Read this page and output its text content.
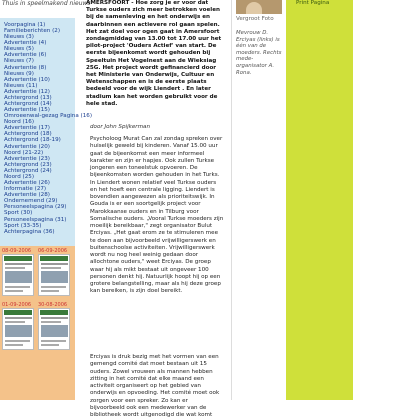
Thuis in speelmakend nieuws
Voorpagina (1)
Familieberichten (2)
Nieuws (3)
Advertentie (4)
Nieuws (5)
Advertentie (6)
Nieuws (7)
Advertentie (8)
Nieuws (9)
Advertentie (10)
Nieuws (11)
Advertentie (12)
Achtergrond (13)
Achtergrond (14)
Advertentie (15)
Omroeenwal-gezag Pagina (16)
Noord (16)
Advertentie (17)
Achtergrond (18)
Achtergrond (18-19)
Advertentie (20)
Noord (21-22)
Advertentie (23)
Achtergrond (23)
Achtergrond (24)
Noord (25)
Advertentie (26)
Informatie (27)
Advertentie (28)
Ondernemend (29)
Personeelspagina (29)
Sport (30)
Personeelspagina (31)
Sport (33-35)
Achterpagina (36)
08-09-2006	06-09-2006
01-09-2006	30-08-2006
AMERSFOORT - Hoe zorg je er voor dat Turkse ouders zich meer betrokken voelen bij de samenleving en het onderwijs en daarbinnen een actievere rol gaan spelen. Het zat doel voor ogen gaat in Amersfoort zondagmiddag van 13.00 tot 17.00 uur het pilot-project 'Ouders Actief' van start. De eerste bijeenkomst wordt gehouden bij Speeltuin Het Vogelnest aan de Wieksiag 25G. Het project wordt gefinancierd door het Ministerie van Onderwijs, Cultuur en Wetenschappen en is de eerste plaats bedeeld voor de wijk Liendert . En later stadium kan het worden gebruikt voor de hele stad.
door John Spijkerman
Psycholoog Murat Can zal zondag spreken over huiselijk geweld bij kinderen. Vanaf 15.00 uur gaat de bijeenkomst een meer informeel karakter en zijn er hapjes. Ook zullen Turkse jongeren een toneelstuk opvoeren. De bijeenkomsten worden gehouden in het Turks. In Liendert wonen relatief veel Turkse ouders en het hoeft een centrale ligging. Liendert is bovendien aangewezen als prioriteitswijk. In Gouda is er een soortgelijk project voor Marokkaanse ouders en in Tilburg voor Somalische ouders. „Vooral Turkse moeders zijn moeilijk bereikbaar," zegt organisator Bulut Erciyas. „Het gaat erom ze te stimuleren mee te doen aan bijvoorbeeld vrijwilligerswerk en buitenschoolse activiteiten. Vrijwilligerswerk wordt nu nog heel weinig gedaan door allochtone ouders," weet Erciyas. De groep waar hij als mikt bestaat uit ongeveer 100 personen denkt hij. Natuurlijk hoopt hij op een grotere belangstelling, maar als hij deze groep kan bereiken, is zijn doel bereikt.
Erciyas is druk bezig met het vormen van een gemengd comité dat moet bestaan uit 15 ouders. Zowel vrouwen als mannen hebben zitting in het comité dat elke maand een activiteit organiseert op het gebied van onderwijs en opvoeding. Het comité moet ook zorgen voor een spreker. Zo kan er bijvoorbeeld ook een medewerker van de bibliotheek wordt uitgenodigd die wat komt
Vergroot Foto
Mevrouw D. Erciyas (links) is één van de moeders. Rechts mede-organisator A. Rona.
Print Pagina
